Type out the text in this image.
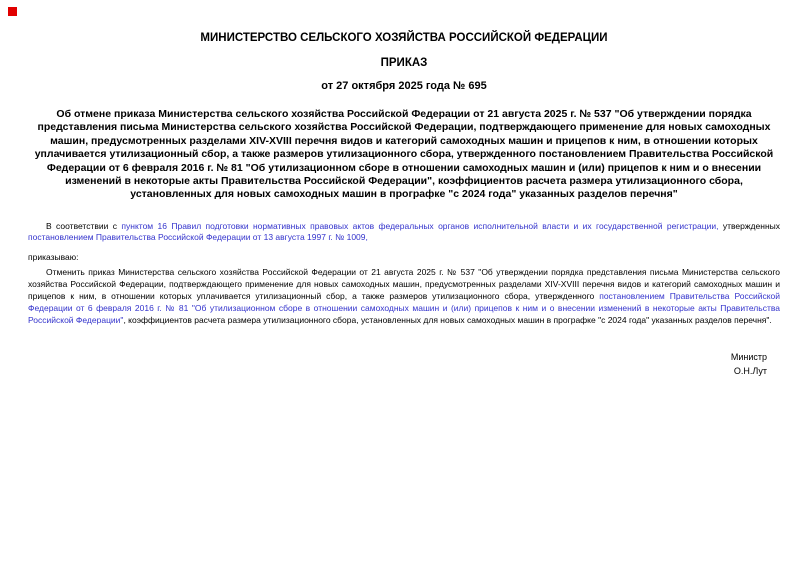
МИНИСТЕРСТВО СЕЛЬСКОГО ХОЗЯЙСТВА РОССИЙСКОЙ ФЕДЕРАЦИИ
ПРИКАЗ
от 27 октября 2025 года № 695
Об отмене приказа Министерства сельского хозяйства Российской Федерации от 21 августа 2025 г. № 537 "Об утверждении порядка представления письма Министерства сельского хозяйства Российской Федерации, подтверждающего применение для новых самоходных машин, предусмотренных разделами XIV-XVIII перечня видов и категорий самоходных машин и прицепов к ним, в отношении которых уплачивается утилизационный сбор, а также размеров утилизационного сбора, утвержденного постановлением Правительства Российской Федерации от 6 февраля 2016 г. № 81 "Об утилизационном сборе в отношении самоходных машин и (или) прицепов к ним и о внесении изменений в некоторые акты Правительства Российской Федерации", коэффициентов расчета размера утилизационного сбора, установленных для новых самоходных машин в прографке "с 2024 года" указанных разделов перечня"

В соответствии с пунктом 16 Правил подготовки нормативных правовых актов федеральных органов исполнительной власти и их государственной регистрации, утвержденных постановлением Правительства Российской Федерации от 13 августа 1997 г. № 1009,

приказываю:

Отменить приказ Министерства сельского хозяйства Российской Федерации от 21 августа 2025 г. № 537 "Об утверждении порядка представления письма Министерства сельского хозяйства Российской Федерации, подтверждающего применение для новых самоходных машин, предусмотренных разделами XIV-XVIII перечня видов и категорий самоходных машин и прицепов к ним, в отношении которых уплачивается утилизационный сбор, а также размеров утилизационного сбора, утвержденного постановлением Правительства Российской Федерации от 6 февраля 2016 г. № 81 "Об утилизационном сборе в отношении самоходных машин и (или) прицепов к ним и о внесении изменений в некоторые акты Правительства Российской Федерации", коэффициентов расчета размера утилизационного сбора, установленных для новых самоходных машин в прографке "с 2024 года" указанных разделов перечня".

Министр
О.Н.Лут
